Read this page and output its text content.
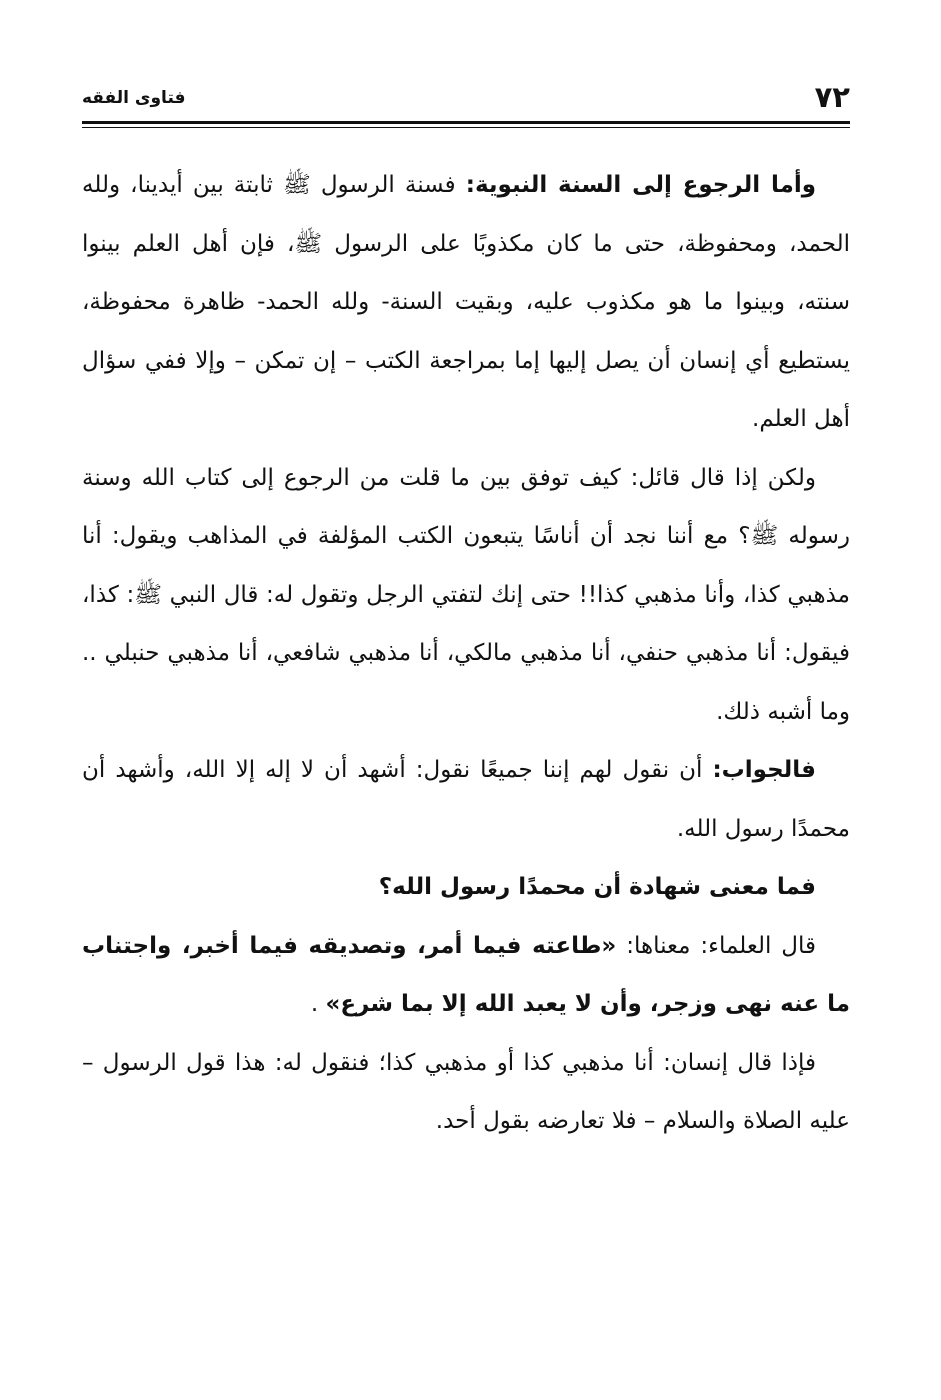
فتاوى الفقه	٧٢

وأما الرجوع إلى السنة النبوية: فسنة الرسول ﷺ ثابتة بين أيدينا، ولله الحمد، ومحفوظة، حتى ما كان مكذوبًا على الرسول ﷺ، فإن أهل العلم بينوا سنته، وبينوا ما هو مكذوب عليه، وبقيت السنة- ولله الحمد- ظاهرة محفوظة، يستطيع أي إنسان أن يصل إليها إما بمراجعة الكتب – إن تمكن – وإلا ففي سؤال أهل العلم.

ولكن إذا قال قائل: كيف توفق بين ما قلت من الرجوع إلى كتاب الله وسنة رسوله ﷺ؟ مع أننا نجد أن أناسًا يتبعون الكتب المؤلفة في المذاهب ويقول: أنا مذهبي كذا، وأنا مذهبي كذا!! حتى إنك لتفتي الرجل وتقول له: قال النبي ﷺ: كذا، فيقول: أنا مذهبي حنفي، أنا مذهبي مالكي، أنا مذهبي شافعي، أنا مذهبي حنبلي .. وما أشبه ذلك.

فالجواب: أن نقول لهم إننا جميعًا نقول: أشهد أن لا إله إلا الله، وأشهد أن محمدًا رسول الله.

فما معنى شهادة أن محمدًا رسول الله؟

قال العلماء: معناها: «طاعته فيما أمر، وتصديقه فيما أخبر، واجتناب ما عنه نهى وزجر، وأن لا يعبد الله إلا بما شرع» .

فإذا قال إنسان: أنا مذهبي كذا أو مذهبي كذا؛ فنقول له: هذا قول الرسول – عليه الصلاة والسلام – فلا تعارضه بقول أحد.
